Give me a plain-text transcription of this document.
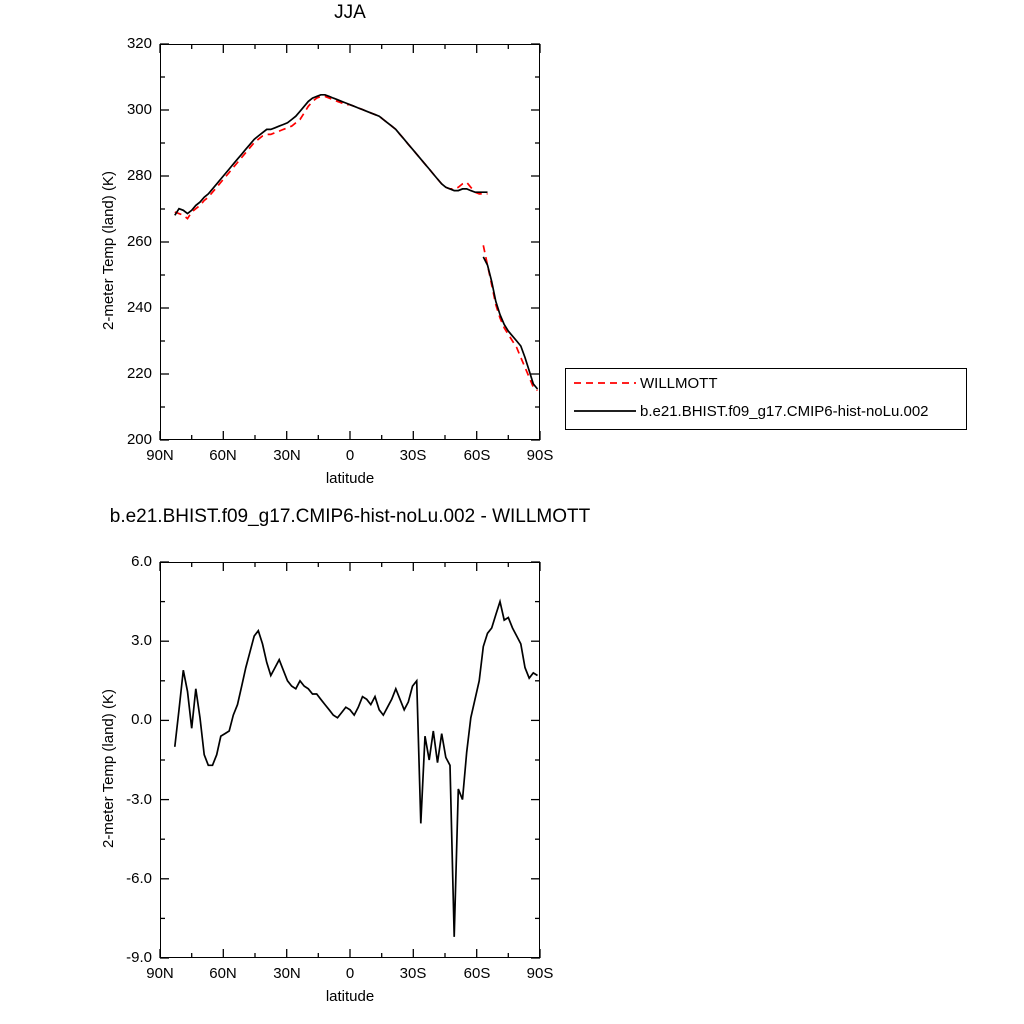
JJA
2-meter Temp (land) (K)
200
220
240
260
280
300
320
90N	60N	30N	0	30S	60S	90S
latitude
WILLMOTT
b.e21.BHIST.f09_g17.CMIP6-hist-noLu.002
b.e21.BHIST.f09_g17.CMIP6-hist-noLu.002 - WILLMOTT
2-meter Temp (land) (K)
-9.0
-6.0
-3.0
0.0
3.0
6.0
90N	60N	30N	0	30S	60S	90S
latitude
